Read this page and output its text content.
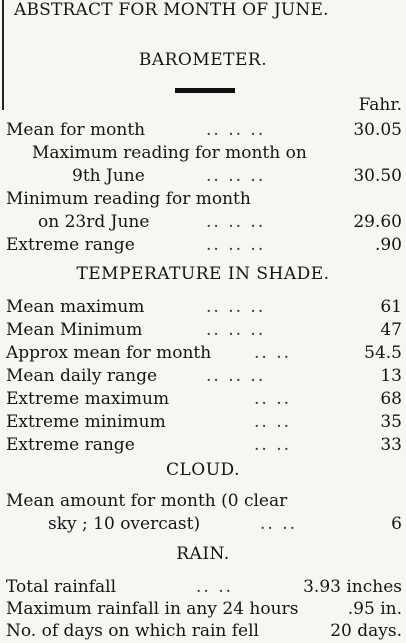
ABSTRACT FOR MONTH OF JUNE.
BAROMETER.
Fahr.
Mean for month	.. .. ..	30.05
Maximum reading for month on
9th June	.. .. ..	30.50
Minimum reading for month
on 23rd June	.. .. ..	29.60
Extreme range	.. .. ..	.90
TEMPERATURE IN SHADE.
Mean maximum	.. .. ..	61
Mean Minimum	.. .. ..	47
Approx mean for month	.. ..	54.5
Mean daily range	.. .. ..	13
Extreme maximum	.. ..	68
Extreme minimum	.. ..	35
Extreme range	.. ..	33
CLOUD.
Mean amount for month (0 clear
sky ; 10 overcast)	.. ..	6
RAIN.
Total rainfall	.. ..	3.93 inches
Maximum rainfall in any 24 hours	.95 in.
No. of days on which rain fell	20 days.
